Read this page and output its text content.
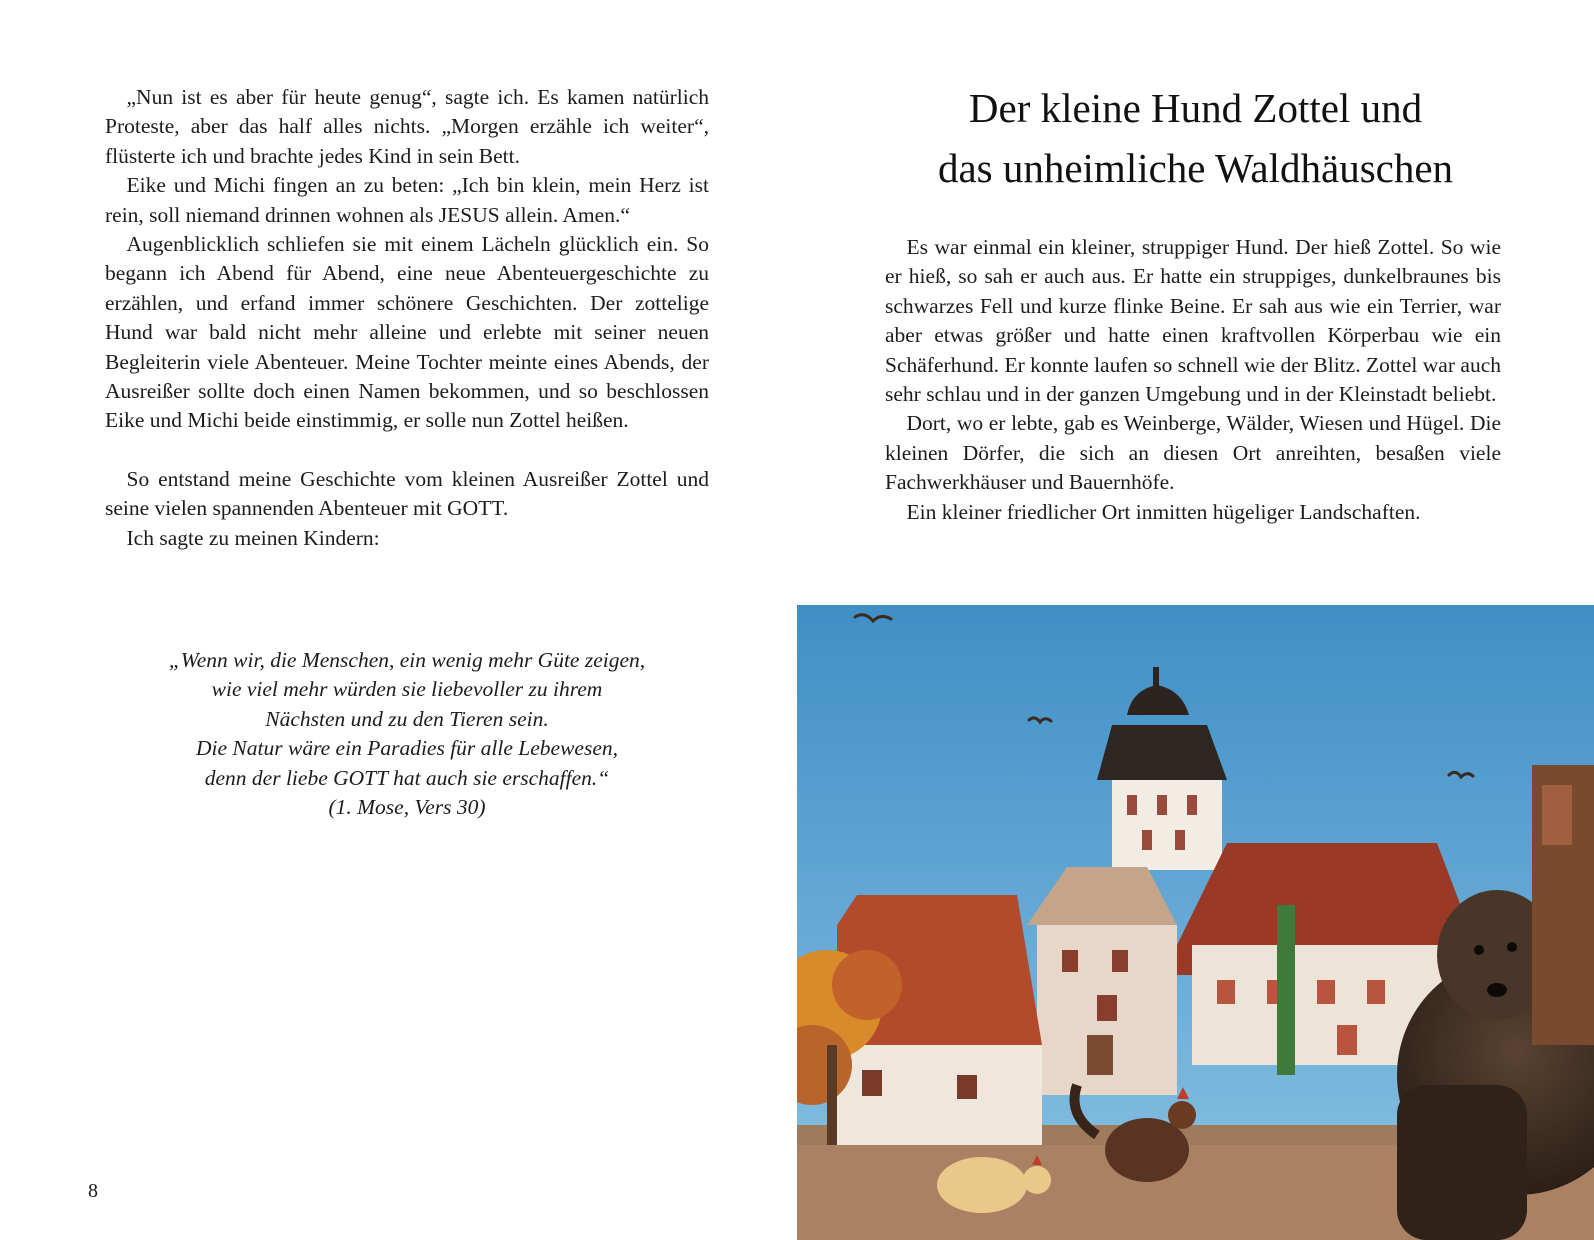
„Nun ist es aber für heute genug“, sagte ich. Es kamen natürlich Proteste, aber das half alles nichts. „Morgen erzähle ich weiter“, flüsterte ich und brachte jedes Kind in sein Bett.

Eike und Michi fingen an zu beten: „Ich bin klein, mein Herz ist rein, soll niemand drinnen wohnen als JESUS allein. Amen.“

Augenblicklich schliefen sie mit einem Lächeln glücklich ein. So begann ich Abend für Abend, eine neue Abenteuergeschichte zu erzählen, und erfand immer schönere Geschichten. Der zottelige Hund war bald nicht mehr alleine und erlebte mit seiner neuen Begleiterin viele Abenteuer. Meine Tochter meinte eines Abends, der Ausreißer sollte doch einen Namen bekommen, und so beschlossen Eike und Michi beide einstimmig, er solle nun Zottel heißen.

So entstand meine Geschichte vom kleinen Ausreißer Zottel und seine vielen spannenden Abenteuer mit GOTT.

Ich sagte zu meinen Kindern:

„Wenn wir, die Menschen, ein wenig mehr Güte zeigen,
wie viel mehr würden sie liebevoller zu ihrem
Nächsten und zu den Tieren sein.
Die Natur wäre ein Paradies für alle Lebewesen,
denn der liebe GOTT hat auch sie erschaffen.“
(1. Mose, Vers 30)
8
Der kleine Hund Zottel und
das unheimliche Waldhäuschen

Es war einmal ein kleiner, struppiger Hund. Der hieß Zottel. So wie er hieß, so sah er auch aus. Er hatte ein struppiges, dunkelbraunes bis schwarzes Fell und kurze flinke Beine. Er sah aus wie ein Terrier, war aber etwas größer und hatte einen kraftvollen Körperbau wie ein Schäferhund. Er konnte laufen so schnell wie der Blitz. Zottel war auch sehr schlau und in der ganzen Umgebung und in der Kleinstadt beliebt.

Dort, wo er lebte, gab es Weinberge, Wälder, Wiesen und Hügel. Die kleinen Dörfer, die sich an diesen Ort anreihten, besaßen viele Fachwerkhäuser und Bauernhöfe.

Ein kleiner friedlicher Ort inmitten hügeliger Landschaften.
